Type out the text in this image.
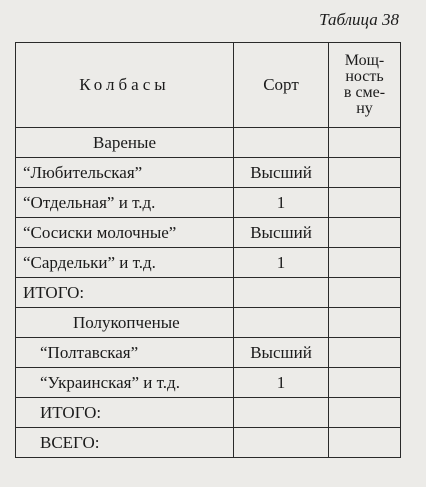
Таблица 38
Колбасы	Сорт	Мощ-
ность
в сме-
ну
Вареные		
“Любительская”	Высший	
“Отдельная” и т.д.	1	
“Сосиски молочные”	Высший	
“Сардельки” и т.д.	1	
ИТОГО:		
Полукопченые		
“Полтавская”	Высший	
“Украинская” и т.д.	1	
ИТОГО:		
ВСЕГО:		
